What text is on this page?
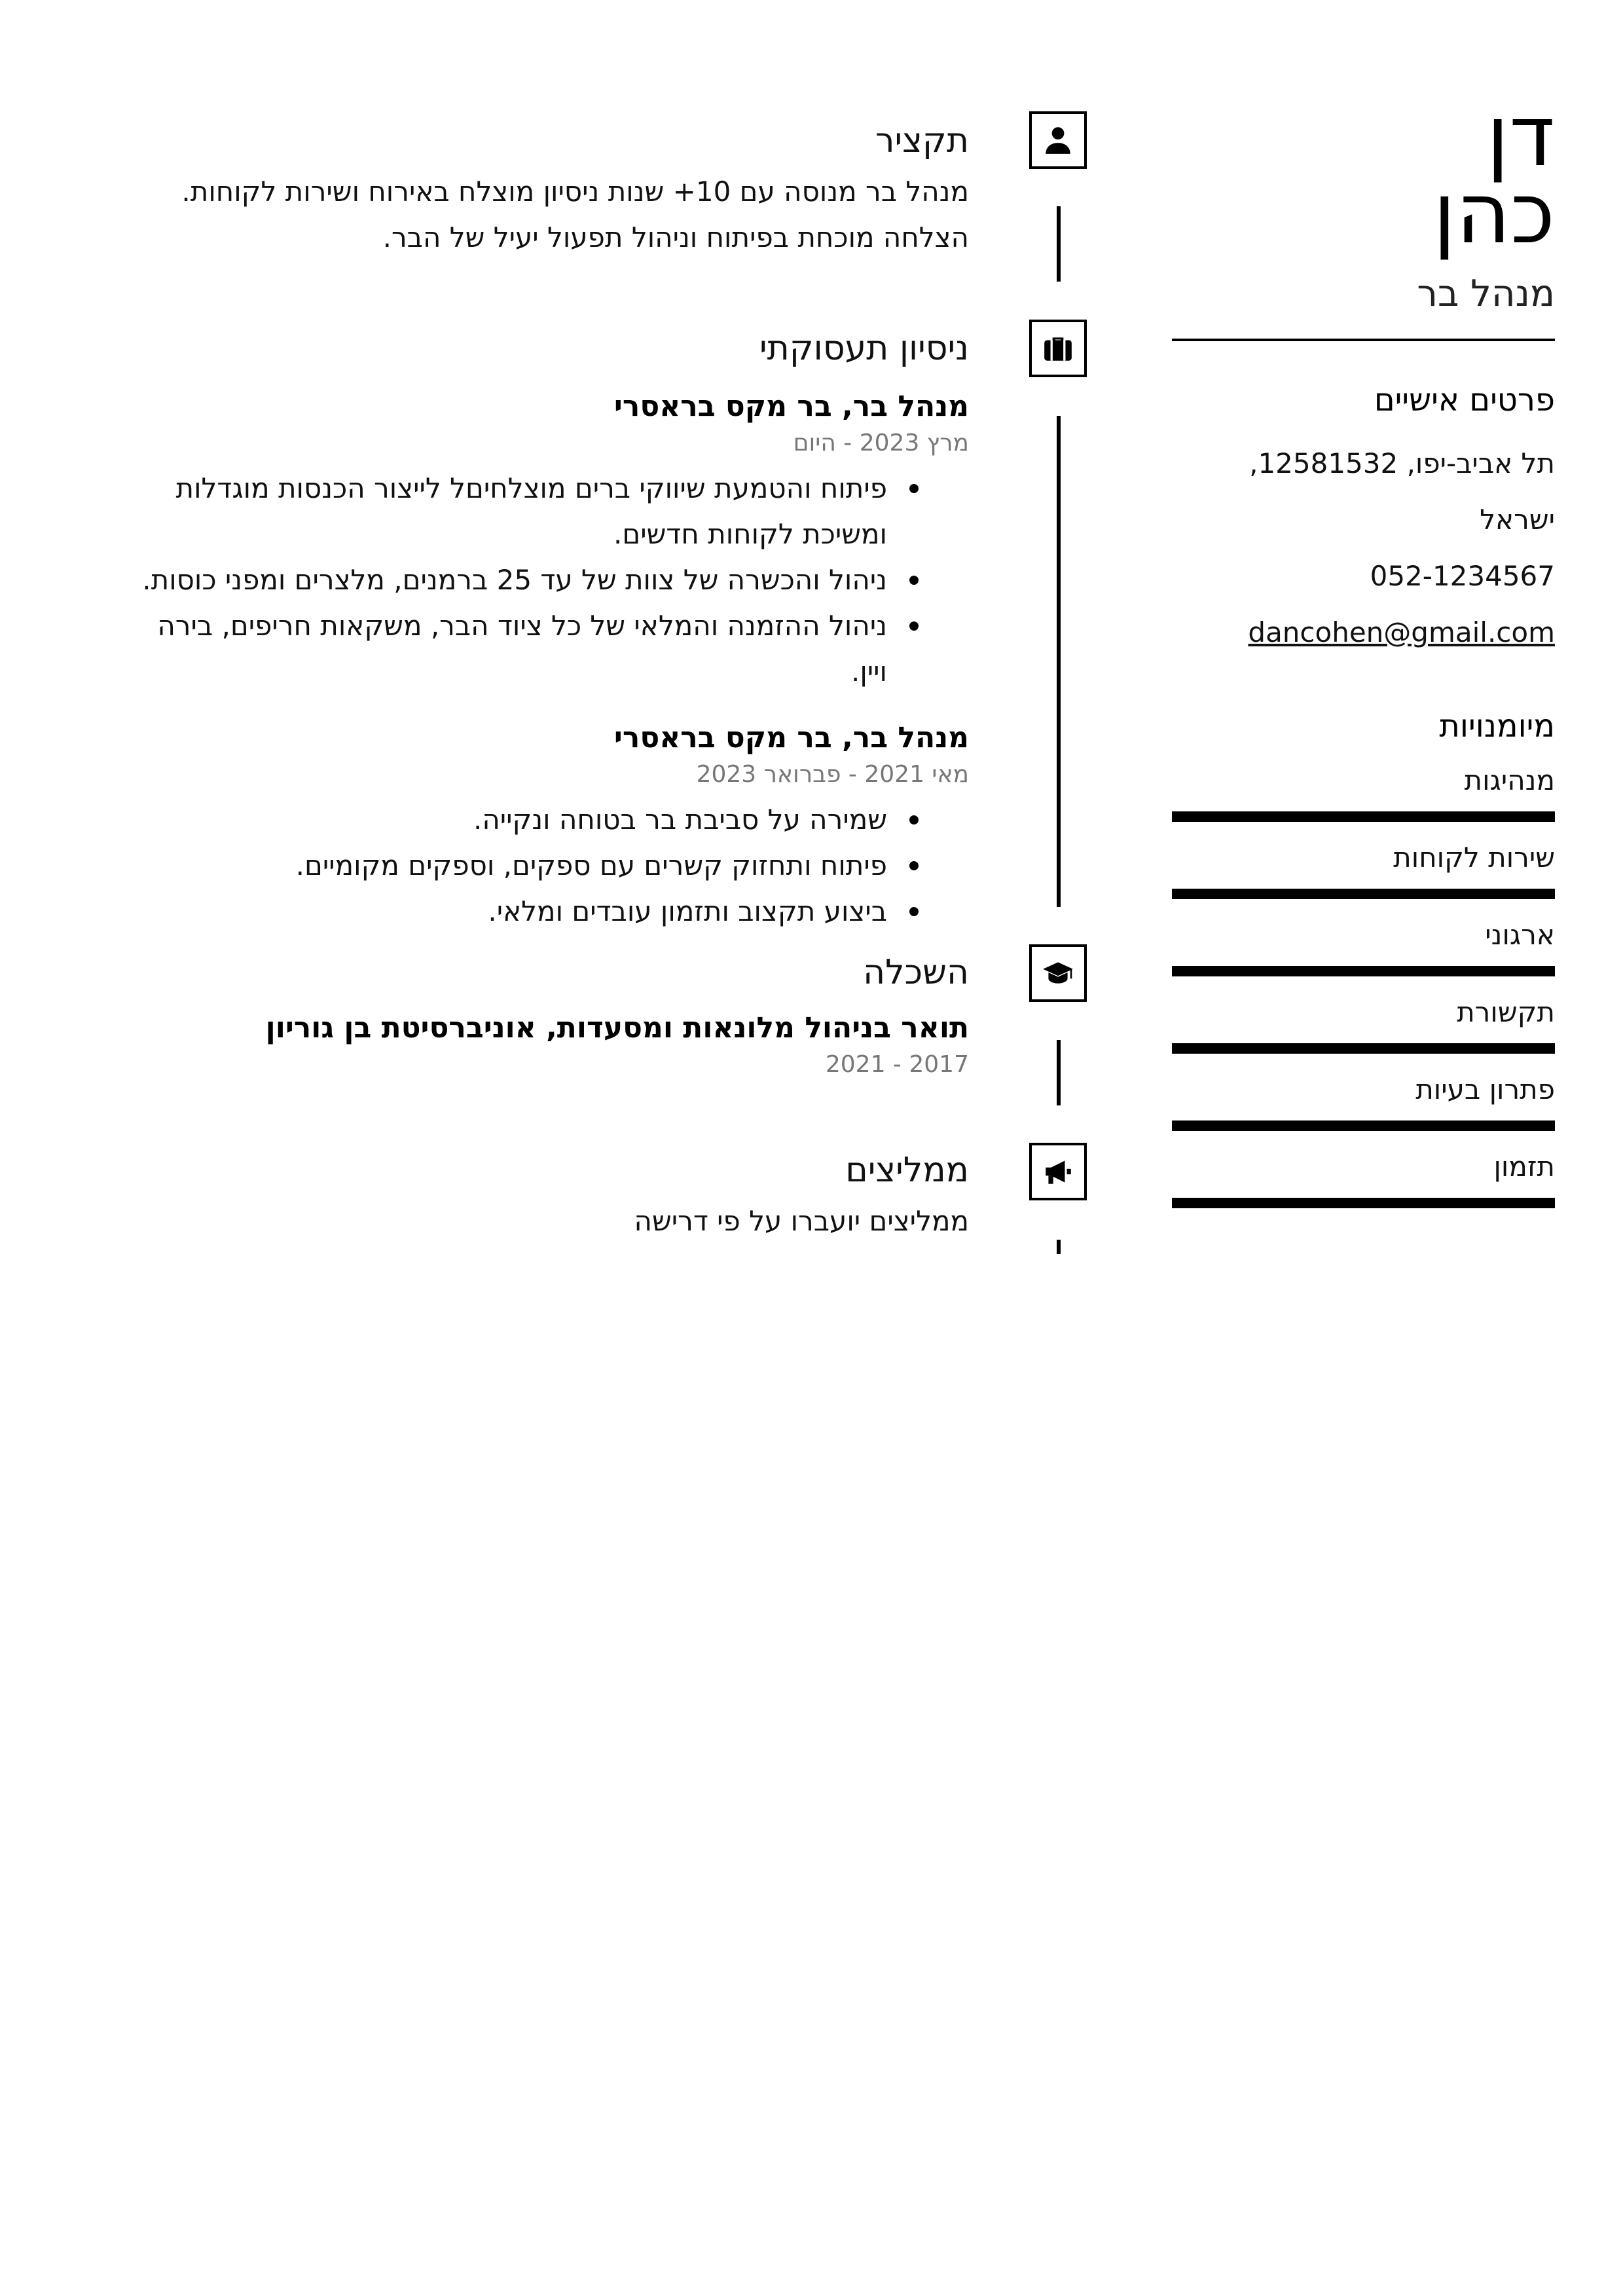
דן
כהן
מנהל בר
פרטים אישיים
תל אביב-יפו, 12581532, ישראל
052-1234567
dancohen@gmail.com
מיומנויות
מנהיגות
שירות לקוחות
ארגוני
תקשורת
פתרון בעיות
תזמון
תקציר
מנהל בר מנוסה עם 10+ שנות ניסיון מוצלח באירוח ושירות לקוחות.
הצלחה מוכחת בפיתוח וניהול תפעול יעיל של הבר.
ניסיון תעסוקתי
מנהל בר, בר מקס בראסרי
מרץ 2023 - היום
פיתוח והטמעת שיווקי ברים מוצלחיםל לייצור הכנסות מוגדלות ומשיכת לקוחות חדשים.
ניהול והכשרה של צוות של עד 25 ברמנים, מלצרים ומפני כוסות.
ניהול ההזמנה והמלאי של כל ציוד הבר, משקאות חריפים, בירה ויין.
מנהל בר, בר מקס בראסרי
מאי 2021 - פברואר 2023
שמירה על סביבת בר בטוחה ונקייה.
פיתוח ותחזוק קשרים עם ספקים, וספקים מקומיים.
ביצוע תקצוב ותזמון עובדים ומלאי.
השכלה
תואר בניהול מלונאות ומסעדות, אוניברסיטת בן גוריון
2017 - 2021
ממליצים
ממליצים יועברו על פי דרישה
